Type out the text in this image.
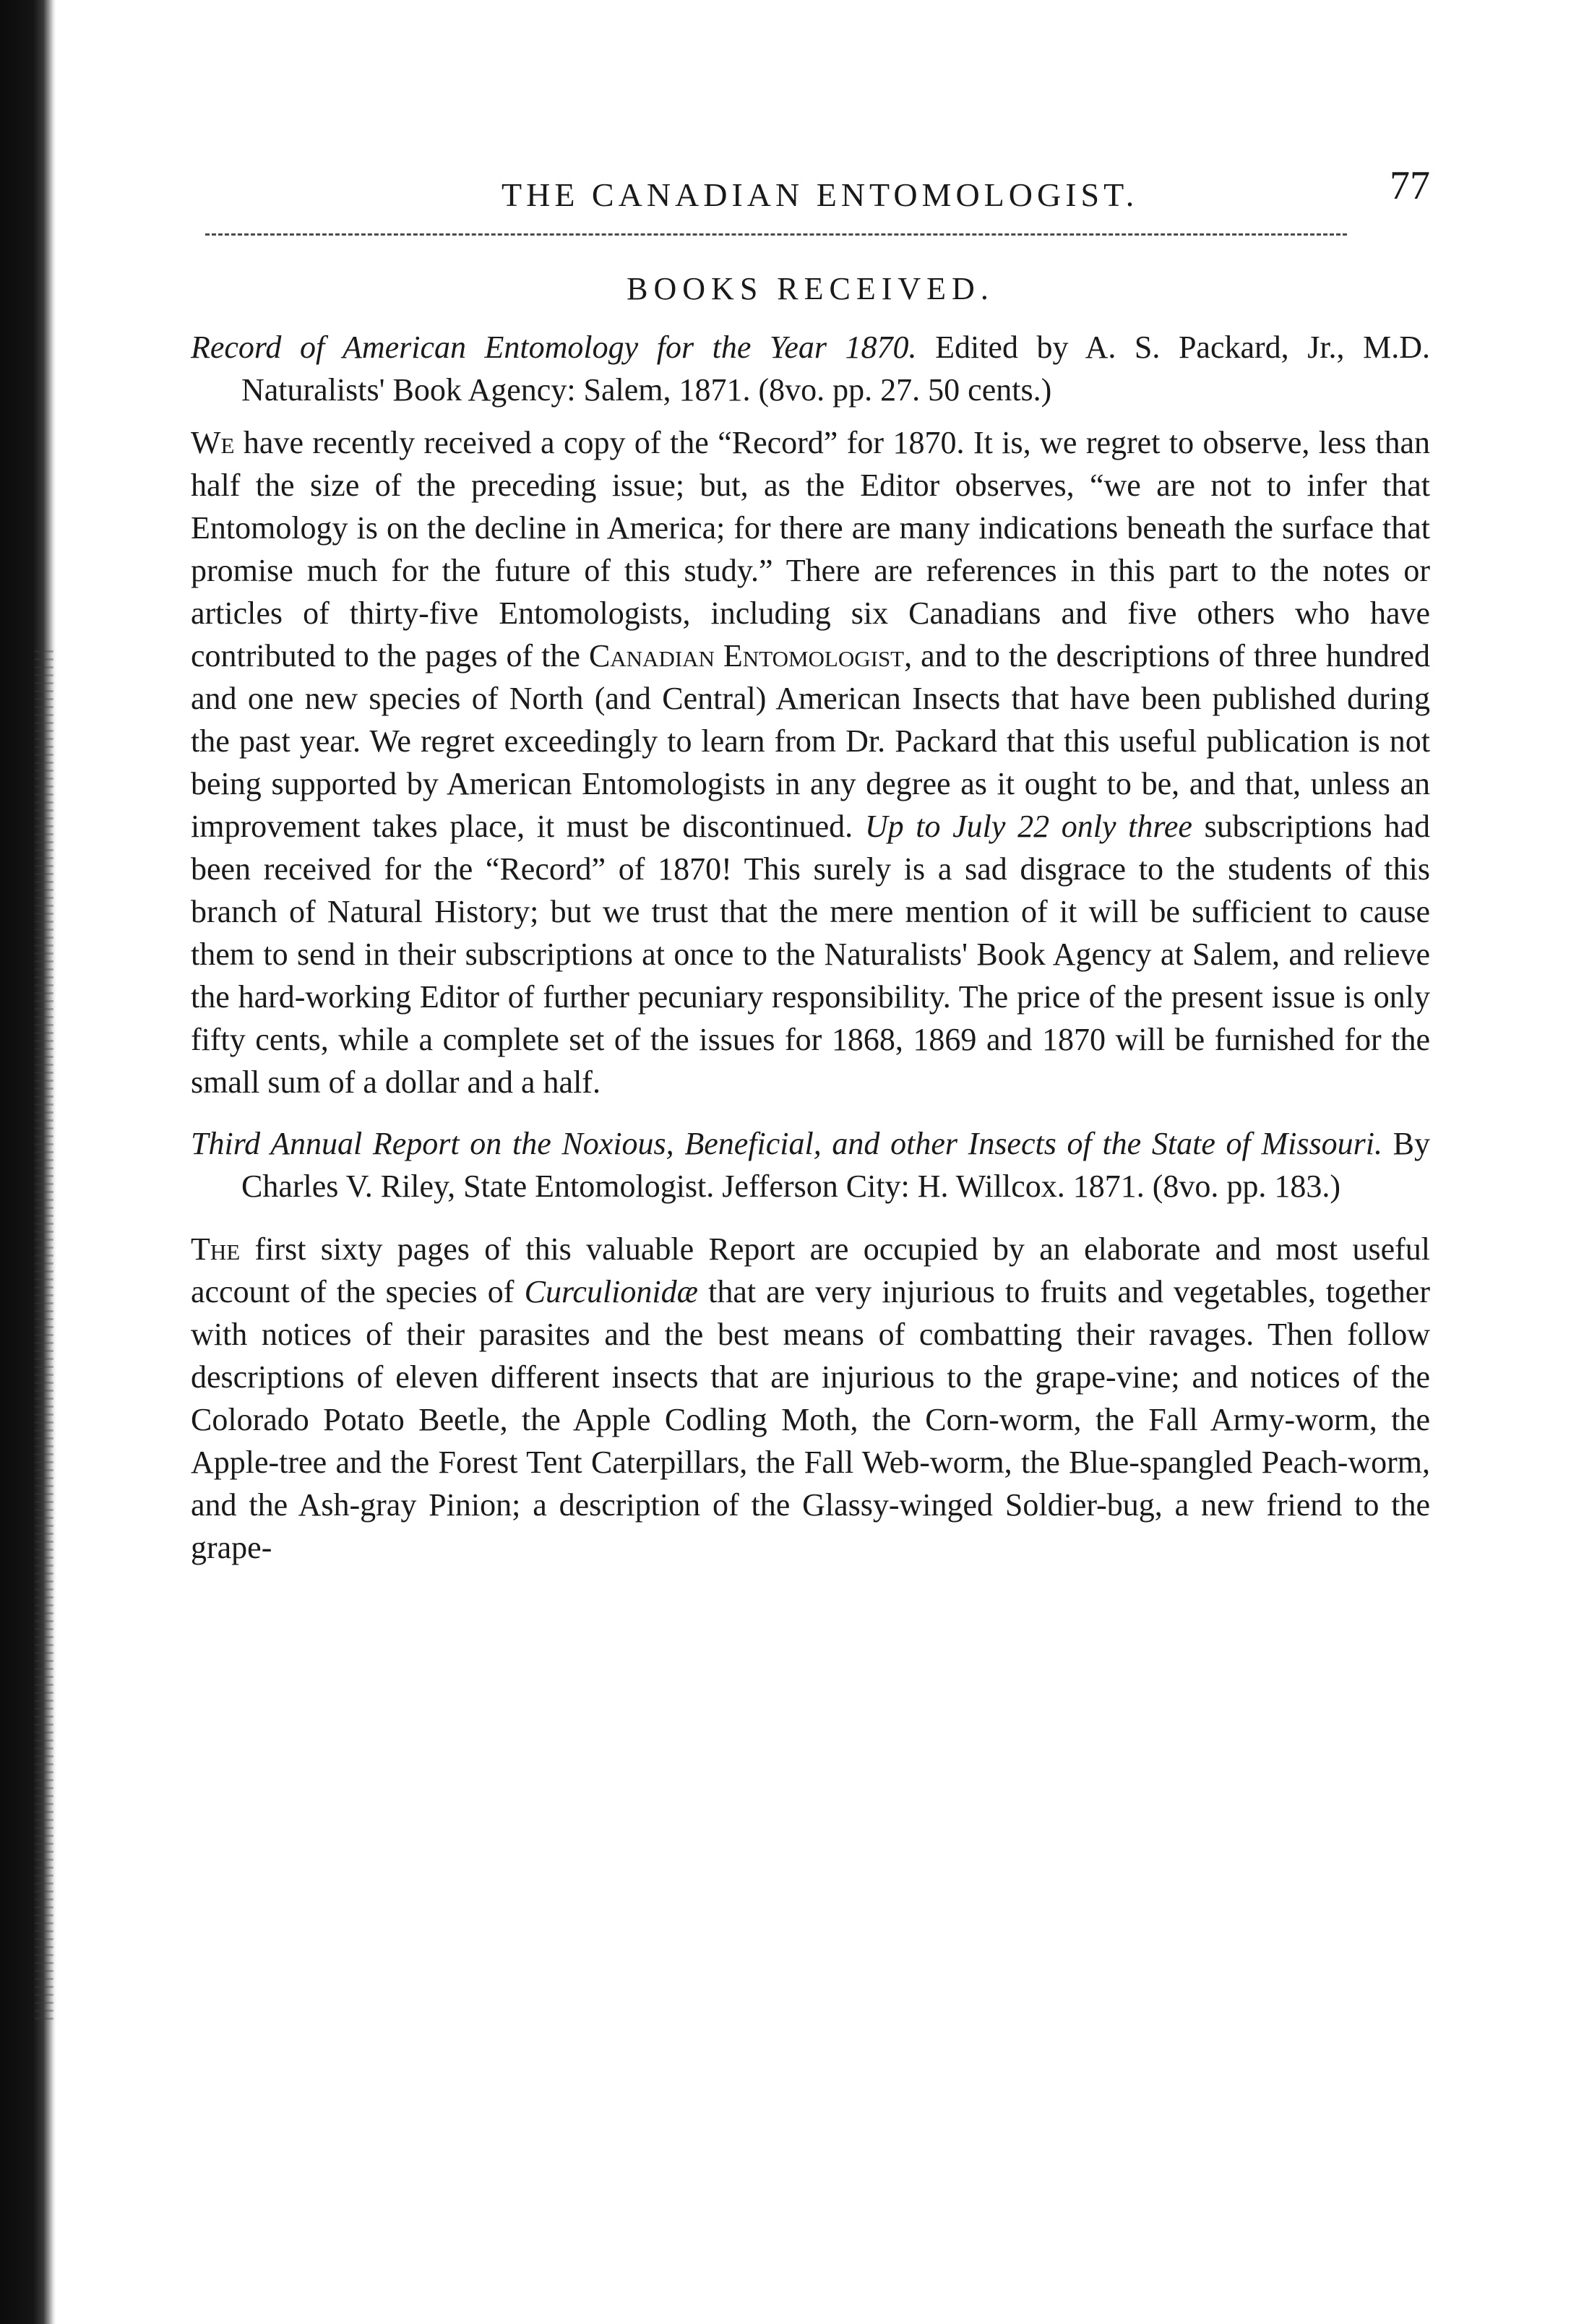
THE CANADIAN ENTOMOLOGIST.	77
BOOKS RECEIVED.

Record of American Entomology for the Year 1870. Edited by A. S. Packard, Jr., M.D. Naturalists' Book Agency: Salem, 1871. (8vo. pp. 27. 50 cents.)

We have recently received a copy of the “Record” for 1870. It is, we regret to observe, less than half the size of the preceding issue; but, as the Editor observes, “we are not to infer that Entomology is on the decline in America; for there are many indications beneath the surface that promise much for the future of this study.” There are references in this part to the notes or articles of thirty-five Entomologists, including six Canadians and five others who have contributed to the pages of the Canadian Entomologist, and to the descriptions of three hundred and one new species of North (and Central) American Insects that have been published during the past year. We regret exceedingly to learn from Dr. Packard that this useful publication is not being supported by American Entomologists in any degree as it ought to be, and that, unless an improvement takes place, it must be discontinued. Up to July 22 only three subscriptions had been received for the “Record” of 1870! This surely is a sad disgrace to the students of this branch of Natural History; but we trust that the mere mention of it will be sufficient to cause them to send in their subscriptions at once to the Naturalists' Book Agency at Salem, and relieve the hard-working Editor of further pecuniary responsibility. The price of the present issue is only fifty cents, while a complete set of the issues for 1868, 1869 and 1870 will be furnished for the small sum of a dollar and a half.

Third Annual Report on the Noxious, Beneficial, and other Insects of the State of Missouri. By Charles V. Riley, State Entomologist. Jefferson City: H. Willcox. 1871. (8vo. pp. 183.)

The first sixty pages of this valuable Report are occupied by an elaborate and most useful account of the species of Curculionidæ that are very injurious to fruits and vegetables, together with notices of their parasites and the best means of combatting their ravages. Then follow descriptions of eleven different insects that are injurious to the grape-vine; and notices of the Colorado Potato Beetle, the Apple Codling Moth, the Corn-worm, the Fall Army-worm, the Apple-tree and the Forest Tent Caterpillars, the Fall Web-worm, the Blue-spangled Peach-worm, and the Ash-gray Pinion; a description of the Glassy-winged Soldier-bug, a new friend to the grape-
